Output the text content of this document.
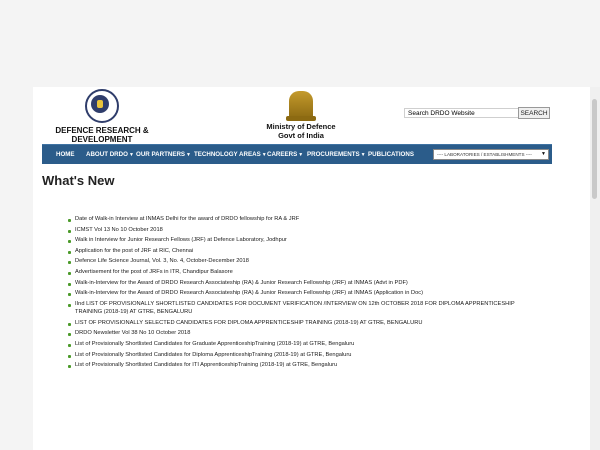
DEFENCE RESEARCH &
DEVELOPMENT
Ministry of Defence
Govt of India
Search DRDO Website
SEARCH
HOME ABOUT DRDO▼ OUR PARTNERS▼ TECHNOLOGY AREAS▼ CAREERS▼ PROCUREMENTS▼ PUBLICATIONS	---- LABORATORIES / ESTABLISHMENTS ---- ▼
What's New
Date of Walk-in Interview at INMAS Delhi for the award of DRDO fellowship for RA & JRF
ICMST Vol 13 No 10 October 2018
Walk in Interview for Junior Research Fellows (JRF) at Defence Laboratory, Jodhpur
Application for the post of JRF at RIC, Chennai
Defence Life Science Journal, Vol. 3, No. 4, October-December 2018
Advertisement for the post of JRFs in ITR, Chandipur Balasore
Walk-in-Interview for the Award of DRDO Research Associateship (RA) & Junior Research Fellowship (JRF) at INMAS (Advt in PDF)
Walk-in-Interview for the Award of DRDO Research Associateship (RA) & Junior Research Fellowship (JRF) at INMAS (Application in Doc)
IInd LIST OF PROVISIONALLY SHORTLISTED CANDIDATES FOR DOCUMENT VERIFICATION /INTERVIEW ON 12th OCTOBER 2018 FOR DIPLOMA APPRENTICESHIP TRAINING (2018-19) AT GTRE, BENGALURU
LIST OF PROVISIONALLY SELECTED CANDIDATES FOR DIPLOMA APPRENTICESHIP TRAINING (2018-19) AT GTRE, BENGALURU
DRDO Newsletter Vol 38 No 10 October 2018
List of Provisionally Shortlisted Candidates for Graduate ApprenticeshipTraining (2018-19) at GTRE, Bengaluru
List of Provisionally Shortlisted Candidates for Diploma ApprenticeshipTraining (2018-19) at GTRE, Bengaluru
List of Provisionally Shortlisted Candidates for ITI ApprenticeshipTraining (2018-19) at GTRE, Bengaluru
